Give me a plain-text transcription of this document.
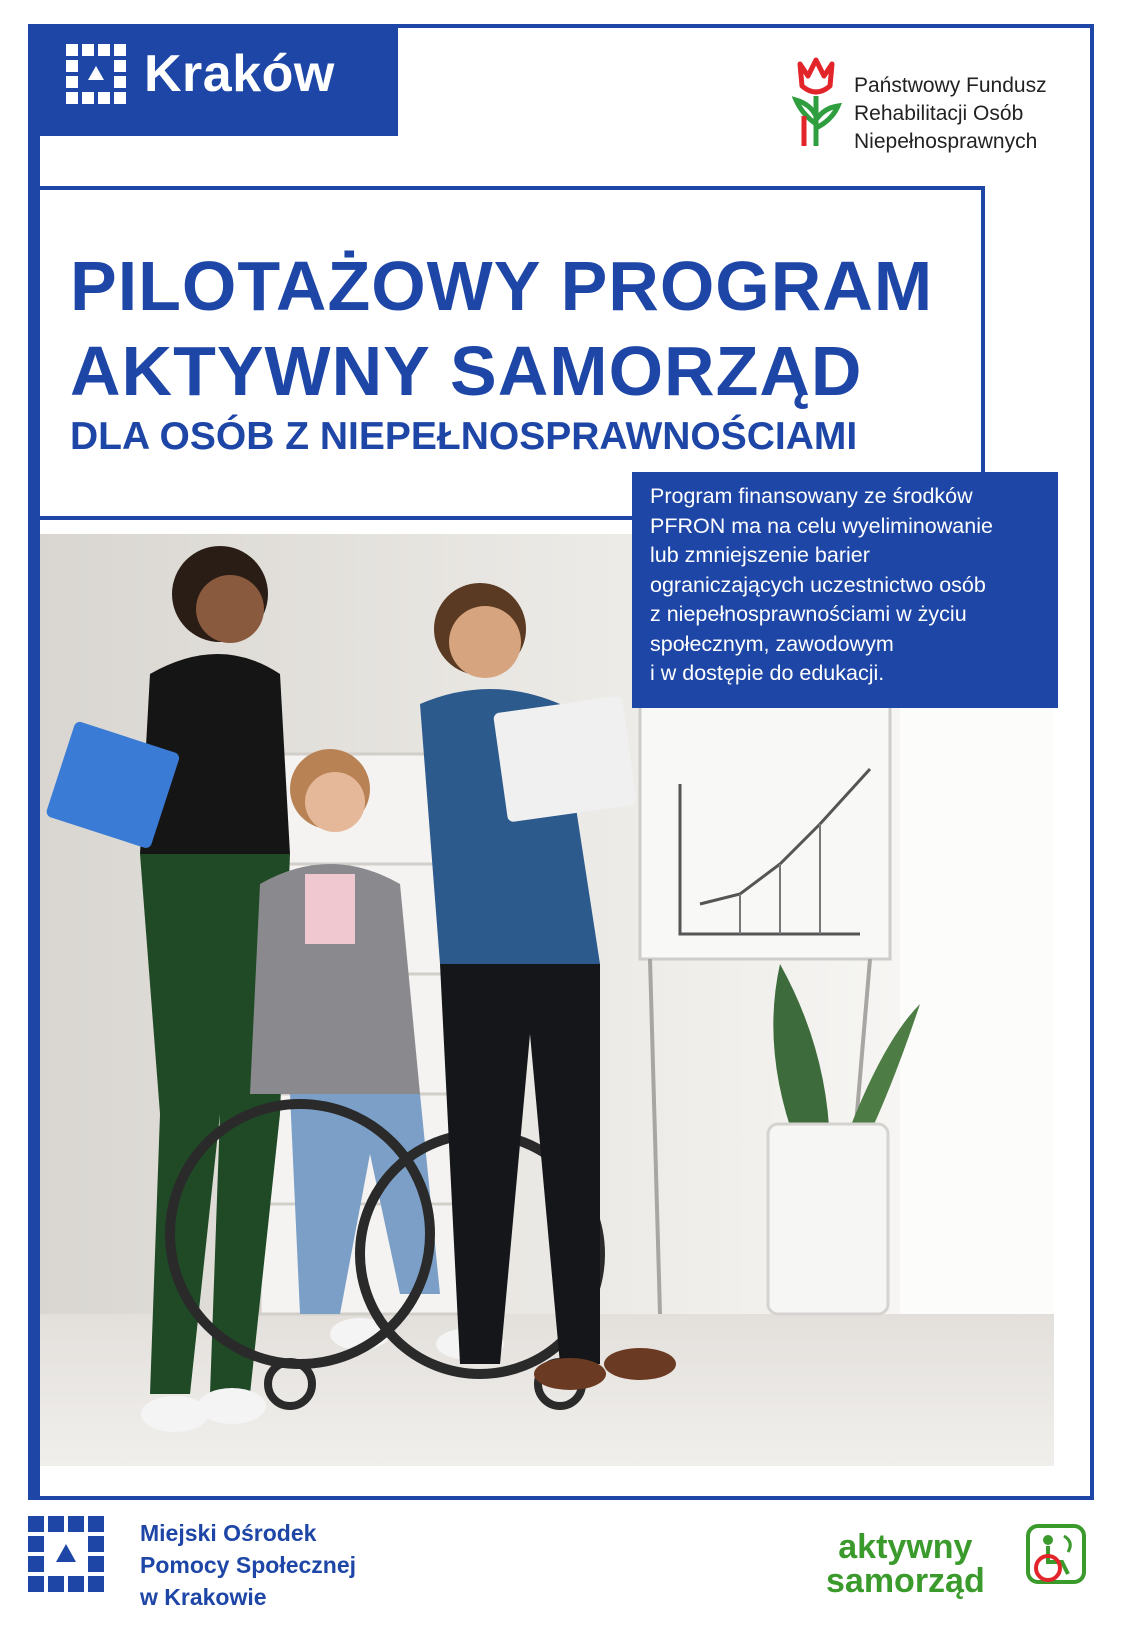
Kraków	Państwowy Fundusz
Rehabilitacji Osób
Niepełnosprawnych
PILOTAŻOWY PROGRAM
AKTYWNY SAMORZĄD
DLA OSÓB Z NIEPEŁNOSPRAWNOŚCIAMI

Program finansowany ze środków

PFRON ma na celu wyeliminowanie

lub zmniejszenie barier

ograniczających uczestnictwo osób

z niepełnosprawnościami w życiu

społecznym, zawodowym

i w dostępie do edukacji.

Miejski Ośrodek
Pomocy Społecznej
w Krakowie
aktywny
samorząd
